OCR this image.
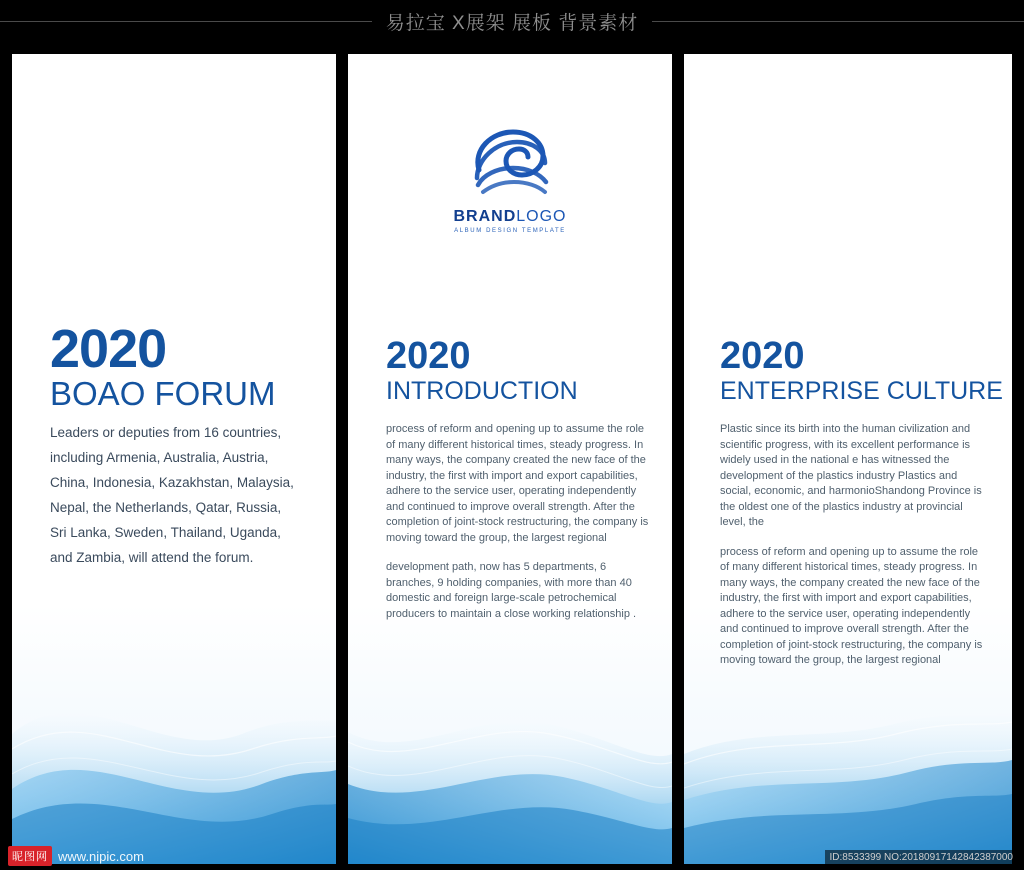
易拉宝 X展架 展板 背景素材
2020
BOAO FORUM

Leaders or deputies from 16 countries, including Armenia, Australia, Austria, China, Indonesia, Kazakhstan, Malaysia, Nepal, the Netherlands, Qatar, Russia, Sri Lanka, Sweden, Thailand, Uganda, and Zambia, will attend the forum.

BRANDLOGO
ALBUM DESIGN TEMPLATE
2020
INTRODUCTION

process of reform and opening up to assume the role of many different historical times, steady progress. In many ways, the company created the new face of the industry, the first with import and export capabilities, adhere to the service user, operating independently and continued to improve overall strength. After the completion of joint-stock restructuring, the company is moving toward the group, the largest regional

development path, now has 5 departments, 6 branches, 9 holding companies, with more than 40 domestic and foreign large-scale petrochemical producers to maintain a close working relationship .

2020
ENTERPRISE CULTURE

Plastic since its birth into the human civilization and scientific progress, with its excellent performance is widely used in the national e has witnessed the development of the plastics industry Plastics and social, economic, and harmonioShandong Province is the oldest one of the plastics industry at provincial level, the

process of reform and opening up to assume the role of many different historical times, steady progress. In many ways, the company created the new face of the industry, the first with import and export capabilities, adhere to the service user, operating independently and continued to improve overall strength. After the completion of joint-stock restructuring, the company is moving toward the group, the largest regional

昵图网 www.nipic.com	ID:8533399 NO:20180917142842387000
